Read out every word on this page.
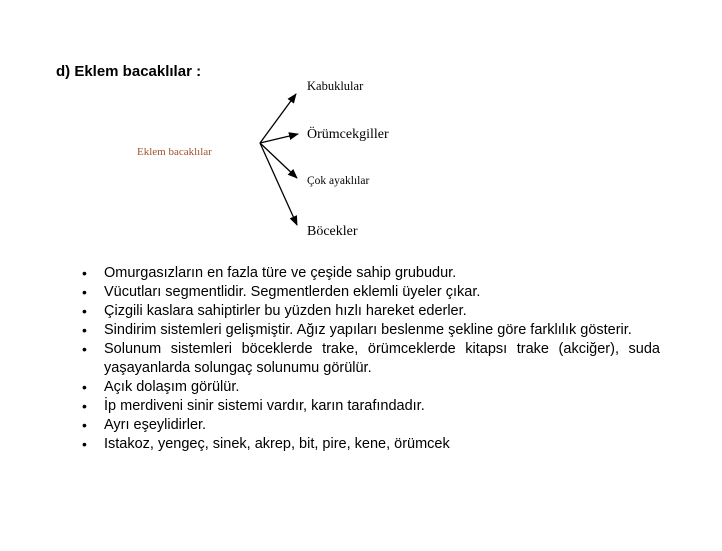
d) Eklem bacaklılar :
Eklem bacaklılar
Kabuklular
Örümcekgiller
Çok ayaklılar
Böcekler
• Omurgasızların en fazla türe ve çeşide sahip grubudur.
• Vücutları segmentlidir. Segmentlerden eklemli üyeler çıkar.
• Çizgili kaslara sahiptirler bu yüzden hızlı hareket ederler.
• Sindirim sistemleri gelişmiştir. Ağız yapıları beslenme şekline göre farklılık gösterir.
• Solunum sistemleri böceklerde trake, örümceklerde kitapsı trake (akciğer), suda yaşayanlarda solungaç solunumu görülür.
• Açık dolaşım görülür.
• İp merdiveni sinir sistemi vardır, karın tarafındadır.
• Ayrı eşeylidirler.
• Istakoz, yengeç, sinek, akrep, bit, pire, kene, örümcek
